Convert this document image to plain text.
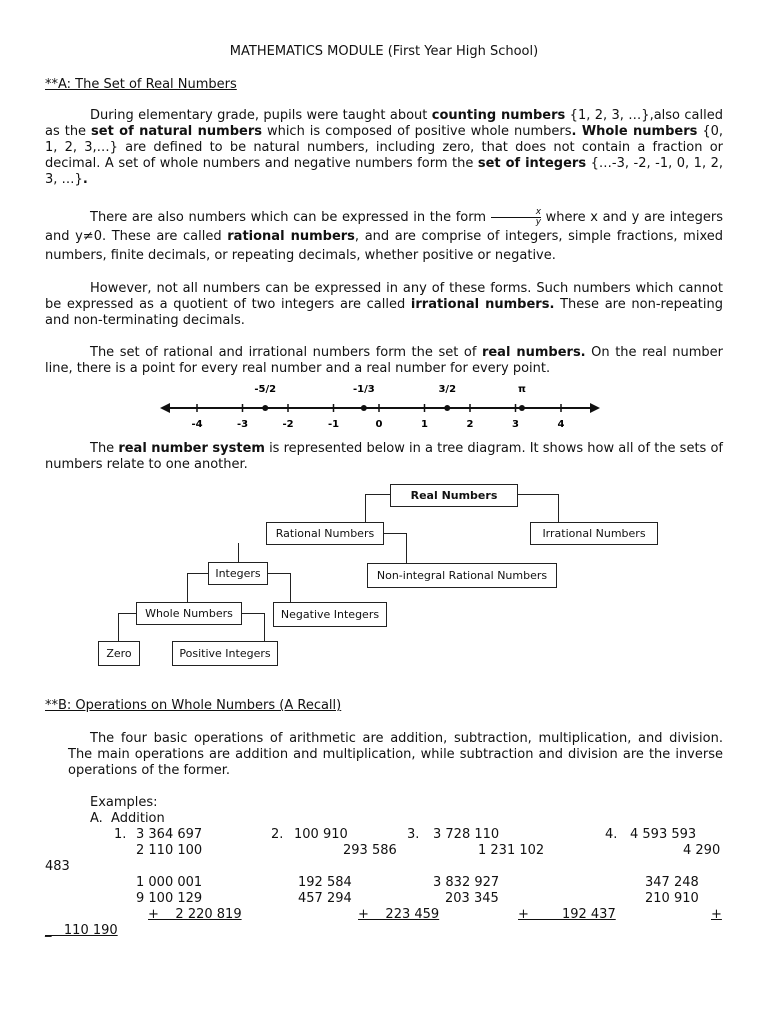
MATHEMATICS MODULE (First Year High School)
**A: The Set of Real Numbers
During elementary grade, pupils were taught about counting numbers {1, 2, 3, …},also called as the set of natural numbers which is composed of positive whole numbers. Whole numbers {0, 1, 2, 3,…} are defined to be natural numbers, including zero, that does not contain a fraction or decimal. A set of whole numbers and negative numbers form the set of integers {…-3, -2, -1, 0, 1, 2, 3, …}.
There are also numbers which can be expressed in the form $\frac{x}{y}$ where x and y are integers and y≠0. These are called rational numbers, and are comprise of integers, simple fractions, mixed numbers, finite decimals, or repeating decimals, whether positive or negative.
However, not all numbers can be expressed in any of these forms. Such numbers which cannot be expressed as a quotient of two integers are called irrational numbers. These are non-repeating and non-terminating decimals.
The set of rational and irrational numbers form the set of real numbers. On the real number line, there is a point for every real number and a real number for every point.
-4	-3	-2	-1	0	1	2	3	4
-5/2	-1/3	3/2	π
The real number system is represented below in a tree diagram. It shows how all of the sets of numbers relate to one another.
Real Numbers
Rational Numbers	Irrational Numbers
Integers	Non-integral Rational Numbers
Whole Numbers	Negative Integers
Zero	Positive Integers
**B: Operations on Whole Numbers (A Recall)
The four basic operations of arithmetic are addition, subtraction, multiplication, and division. The main operations are addition and multiplication, while subtraction and division are the inverse operations of the former.
Examples:
A.  Addition
1. 3 364 697
2 110 100
1 000 001
9 100 129
+    2 220 819
2. 100 910
293 586
192 584
457 294
+    223 459
3. 3 728 110
1 231 102
3 832 927
203 345
+        192 437
4. 4 593 593
4 290
483
347 248
210 910
+
_   110 190
